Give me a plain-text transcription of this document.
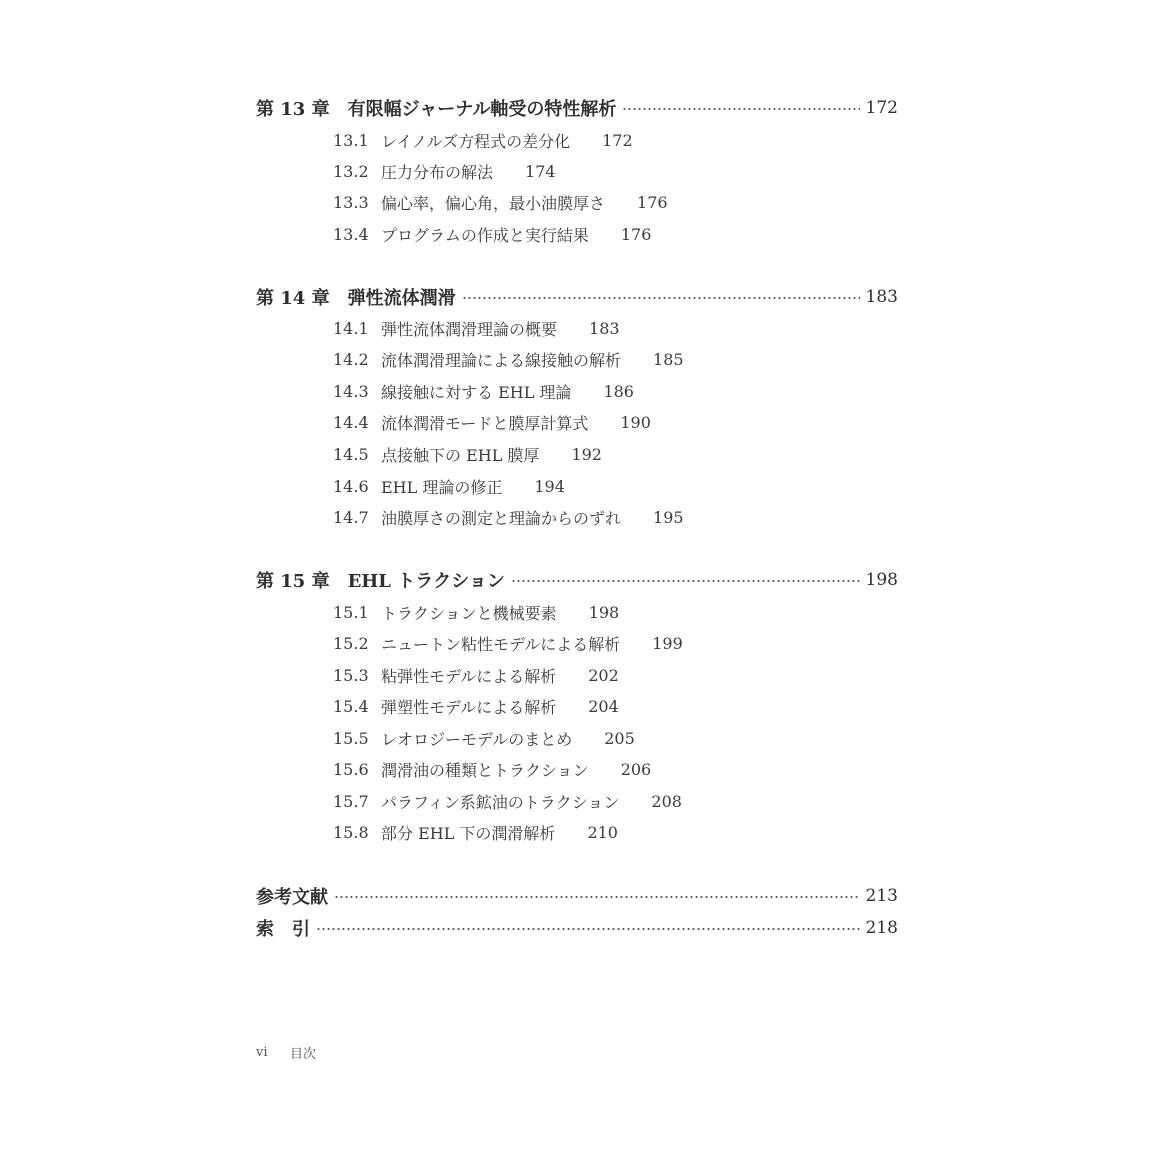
第 13 章　有限幅ジャーナル軸受の特性解析	172
13.1 レイノルズ方程式の差分化 172
13.2 圧力分布の解法 174
13.3 偏心率，偏心角，最小油膜厚さ 176
13.4 プログラムの作成と実行結果 176
第 14 章　弾性流体潤滑	183
14.1 弾性流体潤滑理論の概要 183
14.2 流体潤滑理論による線接触の解析 185
14.3 線接触に対する EHL 理論 186
14.4 流体潤滑モードと膜厚計算式 190
14.5 点接触下の EHL 膜厚 192
14.6 EHL 理論の修正 194
14.7 油膜厚さの測定と理論からのずれ 195
第 15 章　EHL トラクション	198
15.1 トラクションと機械要素 198
15.2 ニュートン粘性モデルによる解析 199
15.3 粘弾性モデルによる解析 202
15.4 弾塑性モデルによる解析 204
15.5 レオロジーモデルのまとめ 205
15.6 潤滑油の種類とトラクション 206
15.7 パラフィン系鉱油のトラクション 208
15.8 部分 EHL 下の潤滑解析 210
参考文献	213
索　引	218
vi	目次
